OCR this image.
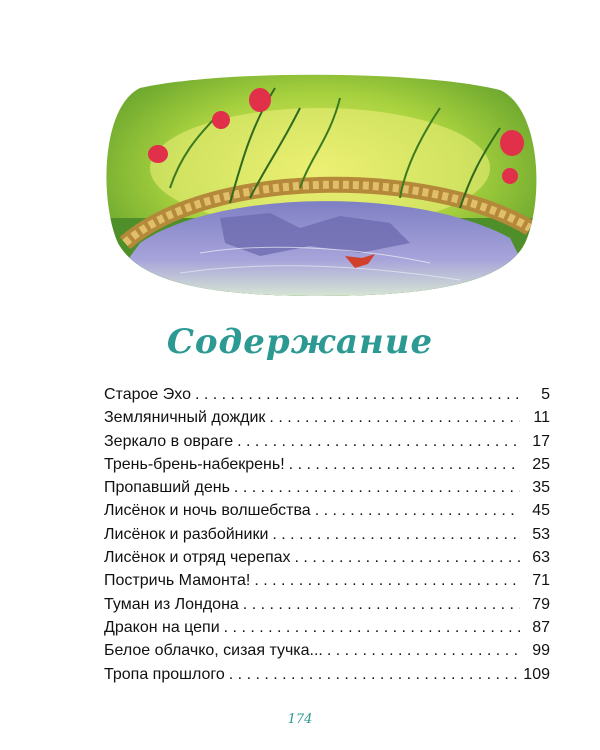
Содержание
Старое Эхо . . .	5
Земляничный дождик . . .	11
Зеркало в овраге . . .	17
Трень-брень-набекрень! . . .	25
Пропавший день . . .	35
Лисёнок и ночь волшебства . . .	45
Лисёнок и разбойники . . .	53
Лисёнок и отряд черепах . . .	63
Постричь Мамонта! . . .	71
Туман из Лондона . . .	79
Дракон на цепи . . .	87
Белое облачко, сизая тучка... . . .	99
Тропа прошлого . . .	109
174
